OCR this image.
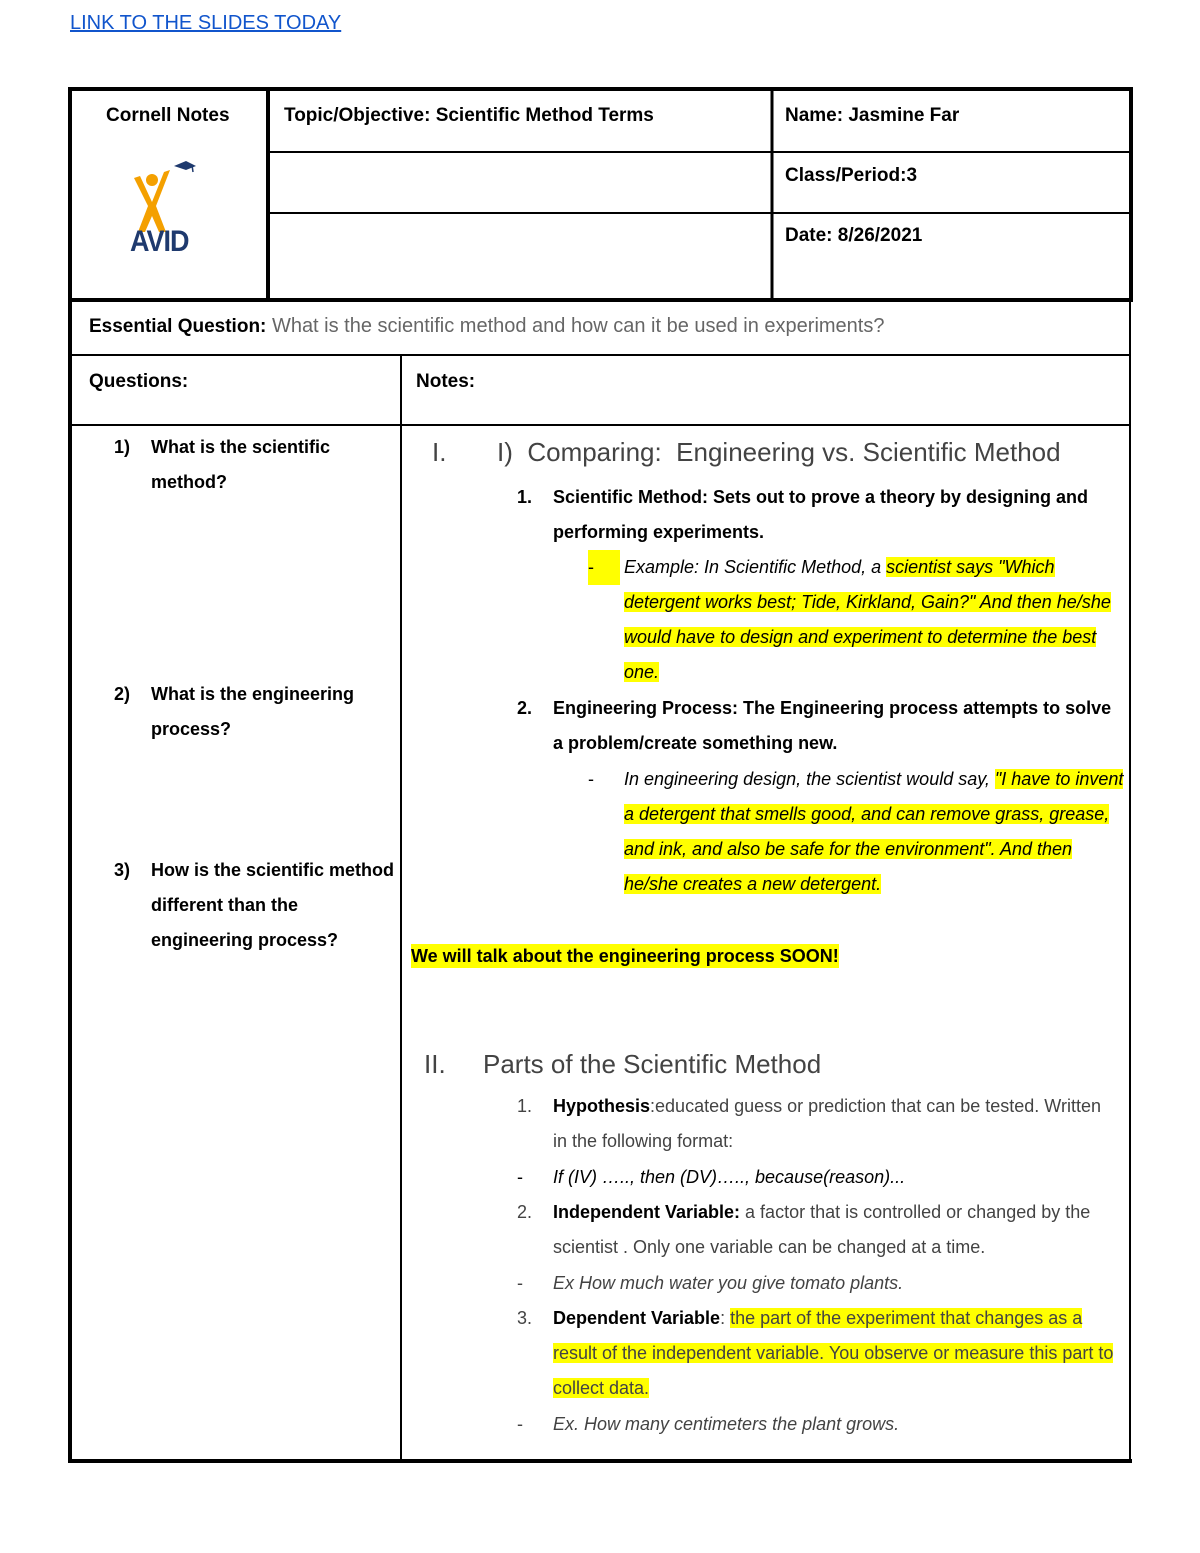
LINK TO THE SLIDES TODAY
Cornell Notes
AVID
Topic/Objective: Scientific Method Terms	Name: Jasmine Far
Class/Period:3
Date: 8/26/2021
Essential Question: What is the scientific method and how can it be used in experiments?
Questions:	Notes:
1) What is the scientific method?
2) What is the engineering process?
3) How is the scientific method different than the engineering process?
I. I)  Comparing:  Engineering vs. Scientific Method
1. Scientific Method: Sets out to prove a theory by designing and performing experiments.
-	Example: In Scientific Method, a scientist says "Which detergent works best; Tide, Kirkland, Gain?" And then he/she would have to design and experiment to determine the best one.
2. Engineering Process: The Engineering process attempts to solve a problem/create something new.
- In engineering design, the scientist would say, "I have to invent a detergent that smells good, and can remove grass, grease, and ink, and also be safe for the environment". And then he/she creates a new detergent.
We will talk about the engineering process SOON!
II. Parts of the Scientific Method
1. Hypothesis:educated guess or prediction that can be tested. Written in the following format:
- If (IV) ….., then (DV)….., because(reason)...
2. Independent Variable: a factor that is controlled or changed by the scientist . Only one variable can be changed at a time.
- Ex How much water you give tomato plants.
3. Dependent Variable: the part of the experiment that changes as a result of the independent variable. You observe or measure this part to collect data.
- Ex. How many centimeters the plant grows.
